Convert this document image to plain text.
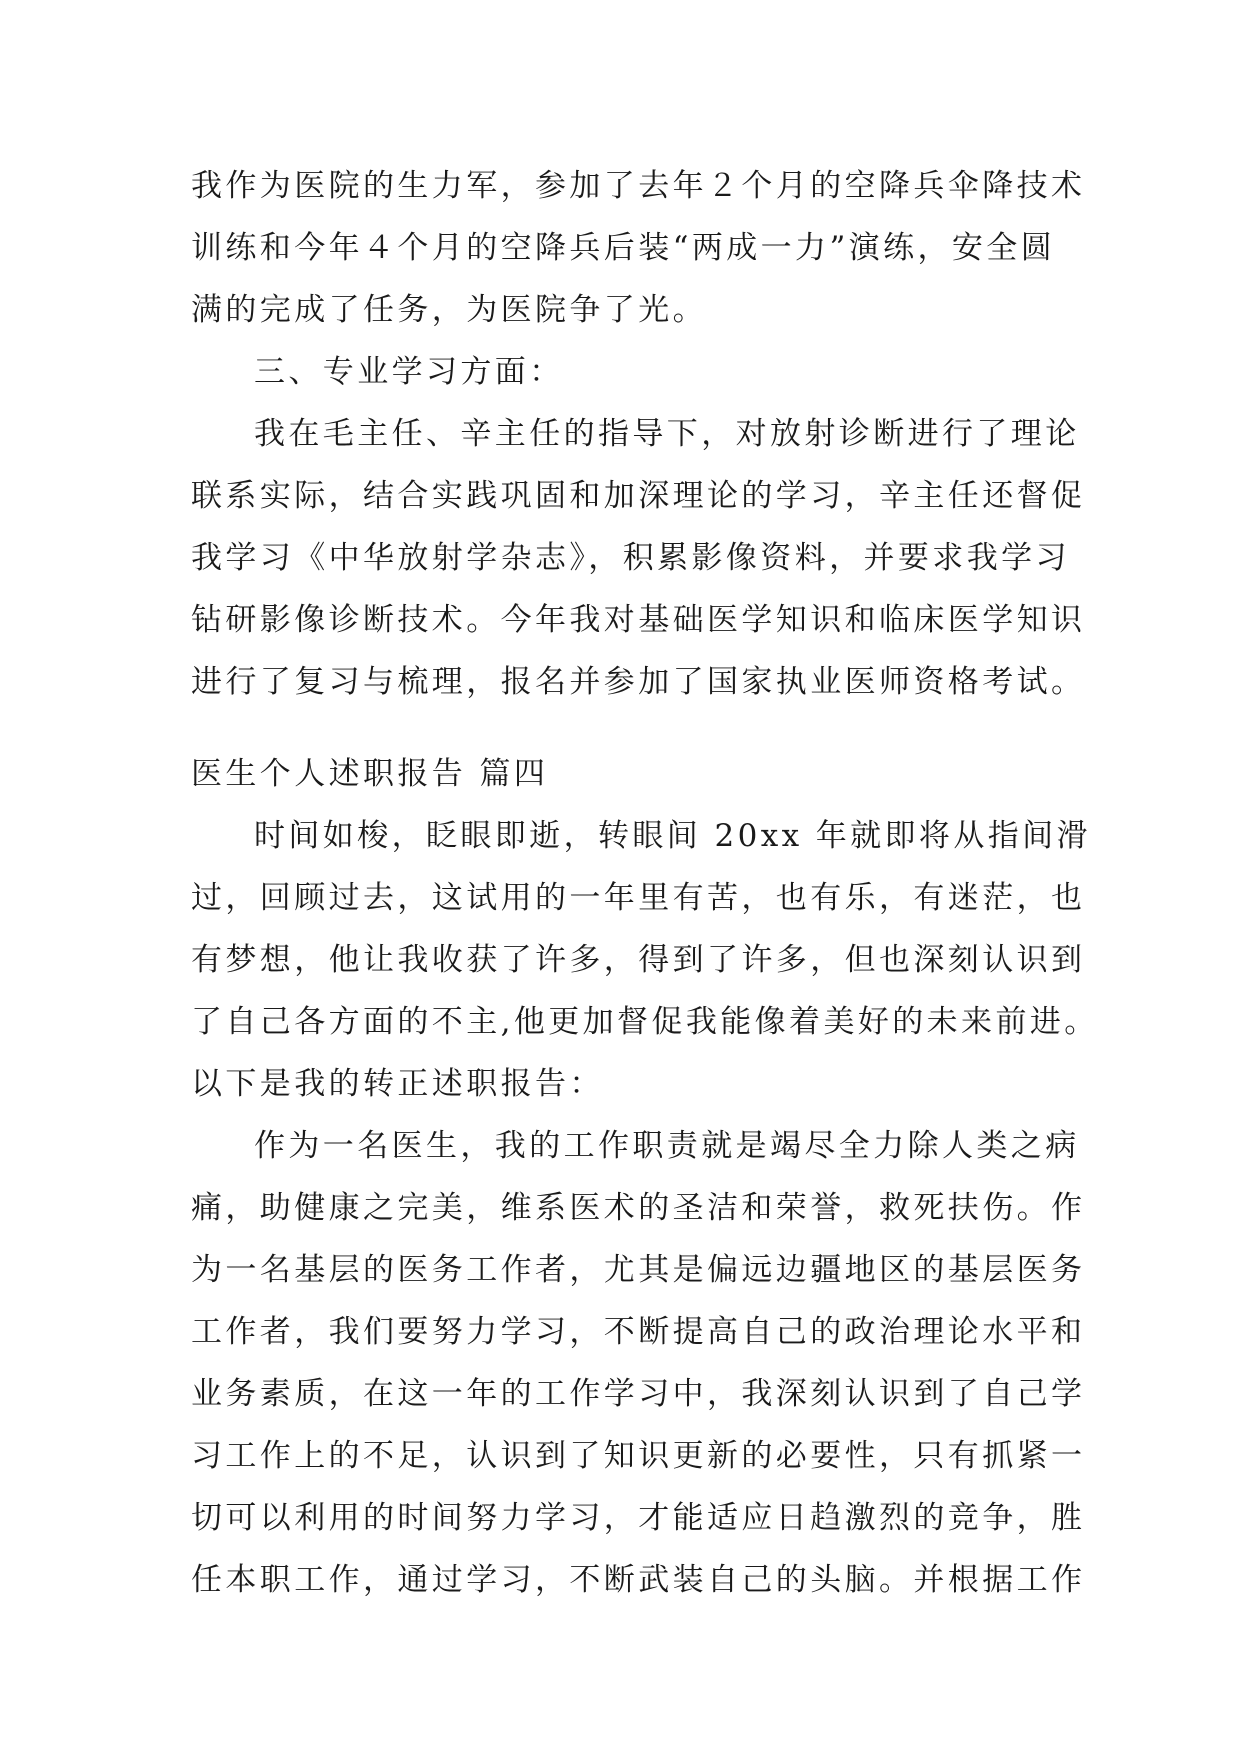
我作为医院的生力军，参加了去年２个月的空降兵伞降技术
训练和今年４个月的空降兵后装“两成一力”演练，安全圆
满的完成了任务，为医院争了光。
三、专业学习方面：
我在毛主任、辛主任的指导下，对放射诊断进行了理论
联系实际，结合实践巩固和加深理论的学习，辛主任还督促
我学习《中华放射学杂志》，积累影像资料，并要求我学习
钻研影像诊断技术。今年我对基础医学知识和临床医学知识
进行了复习与梳理，报名并参加了国家执业医师资格考试。
医生个人述职报告 篇四
时间如梭，眨眼即逝，转眼间 20xx 年就即将从指间滑
过，回顾过去，这试用的一年里有苦，也有乐，有迷茫，也
有梦想，他让我收获了许多，得到了许多，但也深刻认识到
了自己各方面的不主,他更加督促我能像着美好的未来前进。
以下是我的转正述职报告：
作为一名医生，我的工作职责就是竭尽全力除人类之病
痛，助健康之完美，维系医术的圣洁和荣誉，救死扶伤。作
为一名基层的医务工作者，尤其是偏远边疆地区的基层医务
工作者，我们要努力学习，不断提高自己的政治理论水平和
业务素质，在这一年的工作学习中，我深刻认识到了自己学
习工作上的不足，认识到了知识更新的必要性，只有抓紧一
切可以利用的时间努力学习，才能适应日趋激烈的竞争，胜
任本职工作，通过学习，不断武装自己的头脑。并根据工作
